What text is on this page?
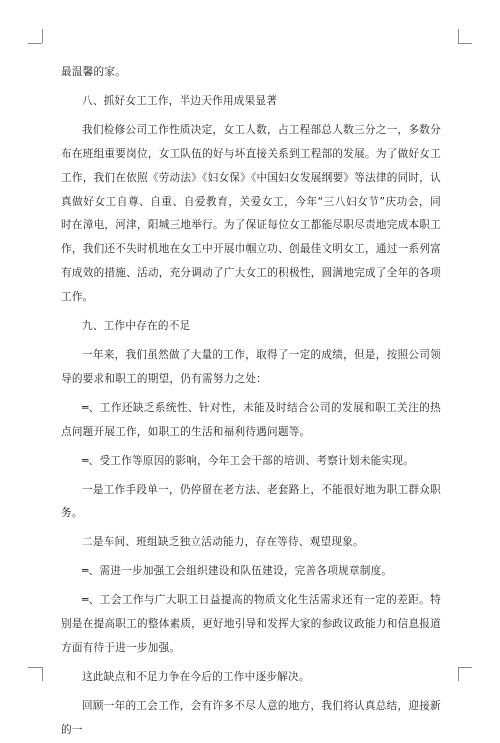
最温馨的家。

八、抓好女工工作，半边天作用成果显著

我们检修公司工作性质决定，女工人数，占工程部总人数三分之一，多数分布在班组重要岗位，女工队伍的好与坏直接关系到工程部的发展。为了做好女工工作，我们在依照《劳动法》《妇女保》《中国妇女发展纲要》等法律的同时，认真做好女工自尊、自重、自爱教育，关爱女工，今年“三八妇女节”庆功会，同时在漳电，河津，阳城三地举行。为了保证每位女工都能尽职尽责地完成本职工作，我们还不失时机地在女工中开展巾帼立功、创最佳文明女工，通过一系列富有成效的措施、活动，充分调动了广大女工的积极性，圆满地完成了全年的各项工作。

九、工作中存在的不足

一年来，我们虽然做了大量的工作，取得了一定的成绩，但是，按照公司领导的要求和职工的期望，仍有需努力之处：

═、工作还缺乏系统性、针对性，未能及时结合公司的发展和职工关注的热点问题开展工作，如职工的生活和福利待遇问题等。

═、受工作等原因的影响，今年工会干部的培训、考察计划未能实现。

一是工作手段单一，仍停留在老方法、老套路上，不能很好地为职工群众职务。

二是车间、班组缺乏独立活动能力，存在等待、观望现象。

═、需进一步加强工会组织建设和队伍建设，完善各项规章制度。

═、工会工作与广大职工日益提高的物质文化生活需求还有一定的差距。特别是在提高职工的整体素质，更好地引导和发挥大家的参政议政能力和信息报道方面有待于进一步加强。

这此缺点和不足力争在今后的工作中逐步解决。

回顾一年的工会工作，会有许多不尽人意的地方，我们将认真总结，迎接新的一
